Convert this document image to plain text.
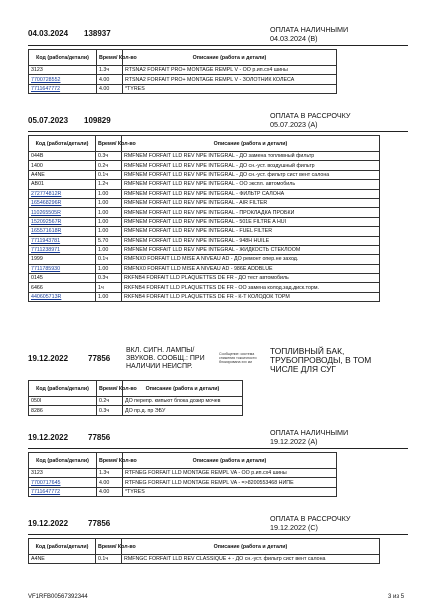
04.03.2024 138937	ОПЛАТА НАЛИЧНЫМИ
04.03.2024 (B)
Код (работа/детали)	Время/ Кол-во	Описание (работа и детали)
3123	1.3ч	RTSNA2 FORFAIT PRO+ MONTAGE REMPL V - ОО р.ип.сх4 шины
7700728552	4.00	RTSNA2 FORFAIT PRO+ MONTAGE REMPL V - ЗОЛОТНИК КОЛЕСА
7711647772	4.00	*TYRES
05.07.2023 109829
ОПЛАТА В РАССРОЧКУ
05.07.2023 (A)
Код (работа/детали)	Время/ Кол-во	Описание (работа и детали)
044B	0.3ч	RMFNEM FORFAIT LLD REV NPE INTEGRAL - ДО замена топливный фильтр
1400	0.2ч	RMFNEM FORFAIT LLD REV NPE INTEGRAL - ДО сн.-уст. воздушный фильтр
A4NE	0.1ч	RMFNEM FORFAIT LLD REV NPE INTEGRAL - ДО сн.-уст. фильтр сист вент салона
AB01	1.2ч	RMFNEM FORFAIT LLD REV NPE INTEGRAL - ОО экспл. автомобиль
272774812R	1.00	RMFNEM FORFAIT LLD REV NPE INTEGRAL - ФИЛЬТР САЛОНА
165468296R	1.00	RMFNEM FORFAIT LLD REV NPE INTEGRAL - AIR FILTER
110265505R	1.00	RMFNEM FORFAIT LLD REV NPE INTEGRAL - ПРОКЛАДКА ПРОБКИ
152092567R	1.00	RMFNEM FORFAIT LLD REV NPE INTEGRAL - 501E FILTRE A HUI
165571618R	1.00	RMFNEM FORFAIT LLD REV NPE INTEGRAL - FUEL FILTER
7711943781	5.70	RMFNEM FORFAIT LLD REV NPE INTEGRAL - 948H HUILE
7711238971	1.00	RMFNEM FORFAIT LLD REV NPE INTEGRAL - ЖИДКОСТЬ СТЕКЛООМ
1999	0.1ч	RMFNX0 FORFAIT LLD MISE A NIVEAU AD - ДО ремонт опер.не заход.
7711785930	1.00	RMFNX0 FORFAIT LLD MISE A NIVEAU AD - 986E ADDBLUE
0145	0.3ч	RKFNB4 FORFAIT LLD PLAQUETTES DE FR - ДО тест автомобиль
6466	1ч	RKFNB4 FORFAIT LLD PLAQUETTES DE FR - ОО замена колод.зад.диск.торм.
440605713R	1.00	RKFNB4 FORFAIT LLD PLAQUETTES DE FR - К-Т КОЛОДОК ТОРМ
19.12.2022 77856
ВКЛ. СИГН. ЛАМПЫ/
ЗВУКОВ. СООБЩ.: ПРИ
НАЛИЧИИ НЕИСПР.
Сообщение: система
снижения токсичности
блокирована ххх км
ТОПЛИВНЫЙ БАК,
ТРУБОПРОВОДЫ, В ТОМ
ЧИСЛЕ ДЛЯ СУГ
Код (работа/детали)	Время/ Кол-во	Описание (работа и детали)
050I	0.2ч	ДО перепр. кмпьют блока дозир мочев
8286	0.3ч	ДО пр.д. пр ЭБУ
19.12.2022 77856
ОПЛАТА НАЛИЧНЫМИ
19.12.2022 (A)
Код (работа/детали)	Время/ Кол-во	Описание (работа и детали)
3123	1.3ч	RTFNEG FORFAIT LLD MONTAGE REMPL VA - ОО р.ип.сх4 шины
7700717645	4.00	RTFNEG FORFAIT LLD MONTAGE REMPL VA - =>8200553468 НИПЕ
7711647772	4.00	*TYRES
19.12.2022 77856
ОПЛАТА В РАССРОЧКУ
19.12.2022 (C)
Код (работа/детали)	Время/ Кол-во	Описание (работа и детали)
A4NE	0.1ч	RMFNGC FORFAIT LLD REV CLASSIQUE + - ДО сн.-уст. фильтр сист вент салона
VF1RFB00567392344	3 из 5
